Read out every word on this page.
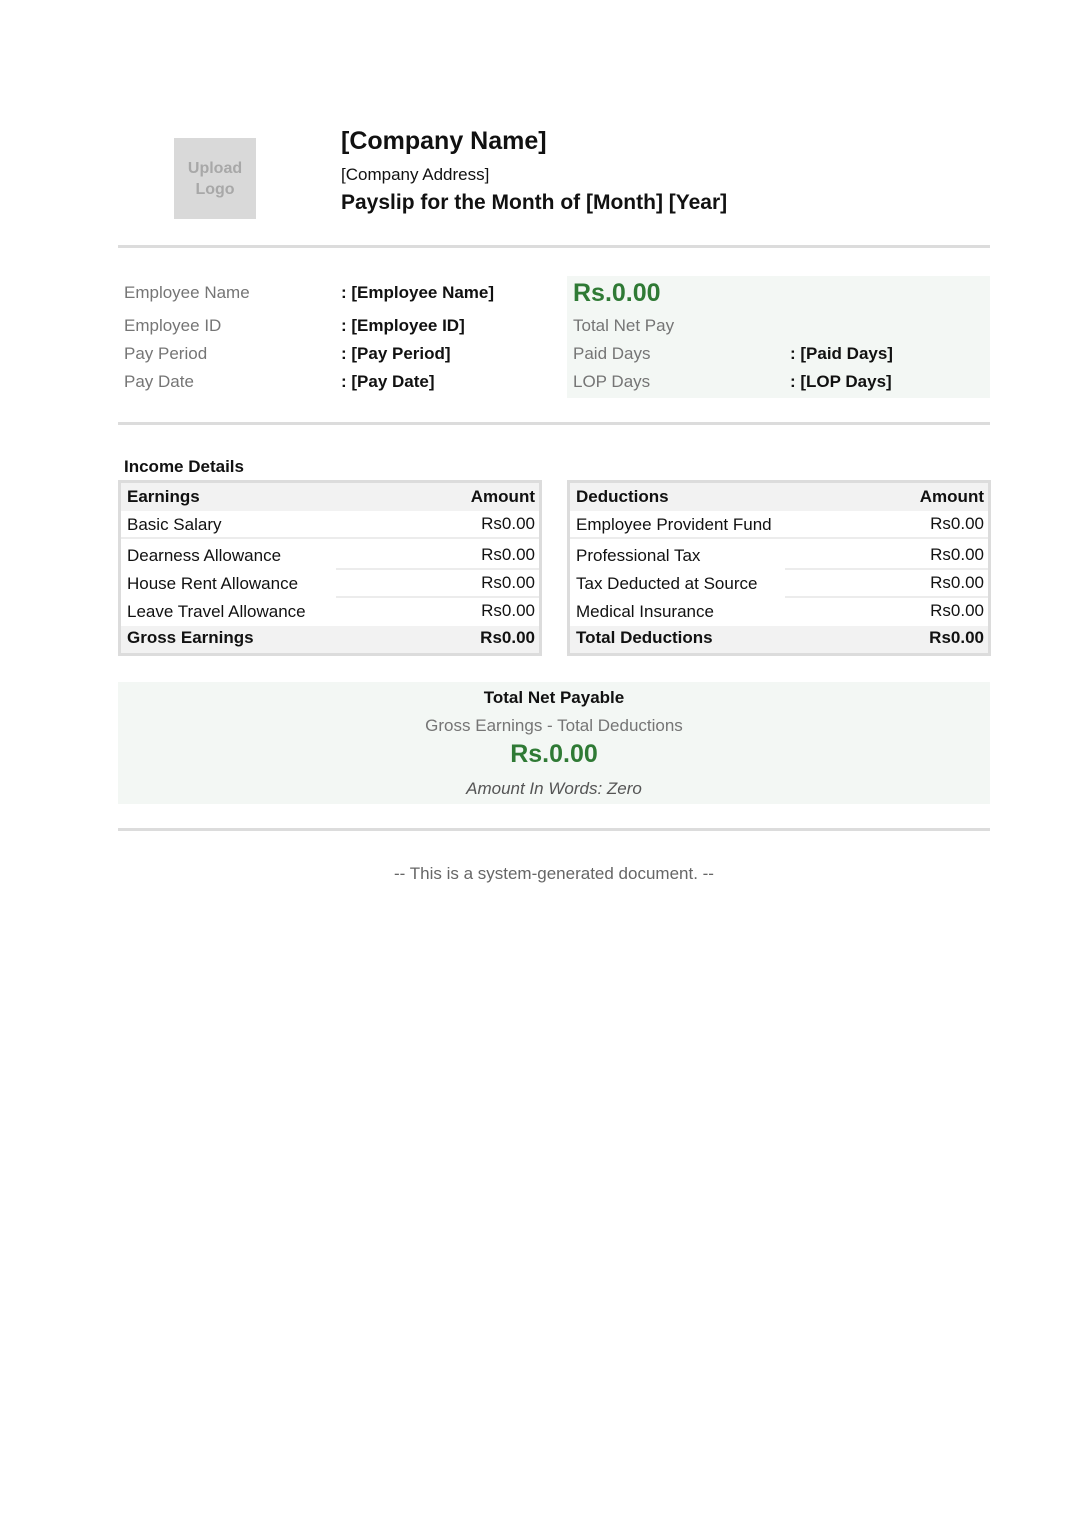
Upload
Logo
[Company Name]
[Company Address]
Payslip for the Month of [Month] [Year]
Employee Name	: [Employee Name]
Employee ID	: [Employee ID]
Pay Period	: [Pay Period]
Pay Date	: [Pay Date]
Rs.0.00
Total Net Pay
Paid Days	: [Paid Days]
LOP Days	: [LOP Days]
Income Details
Earnings	Amount
Basic Salary	Rs0.00
Dearness Allowance	Rs0.00
House Rent Allowance	Rs0.00
Leave Travel Allowance	Rs0.00
Gross Earnings	Rs0.00
Deductions	Amount
Employee Provident Fund	Rs0.00
Professional Tax	Rs0.00
Tax Deducted at Source	Rs0.00
Medical Insurance	Rs0.00
Total Deductions	Rs0.00
Total Net Payable
Gross Earnings - Total Deductions
Rs.0.00
Amount In Words: Zero
-- This is a system-generated document. --
